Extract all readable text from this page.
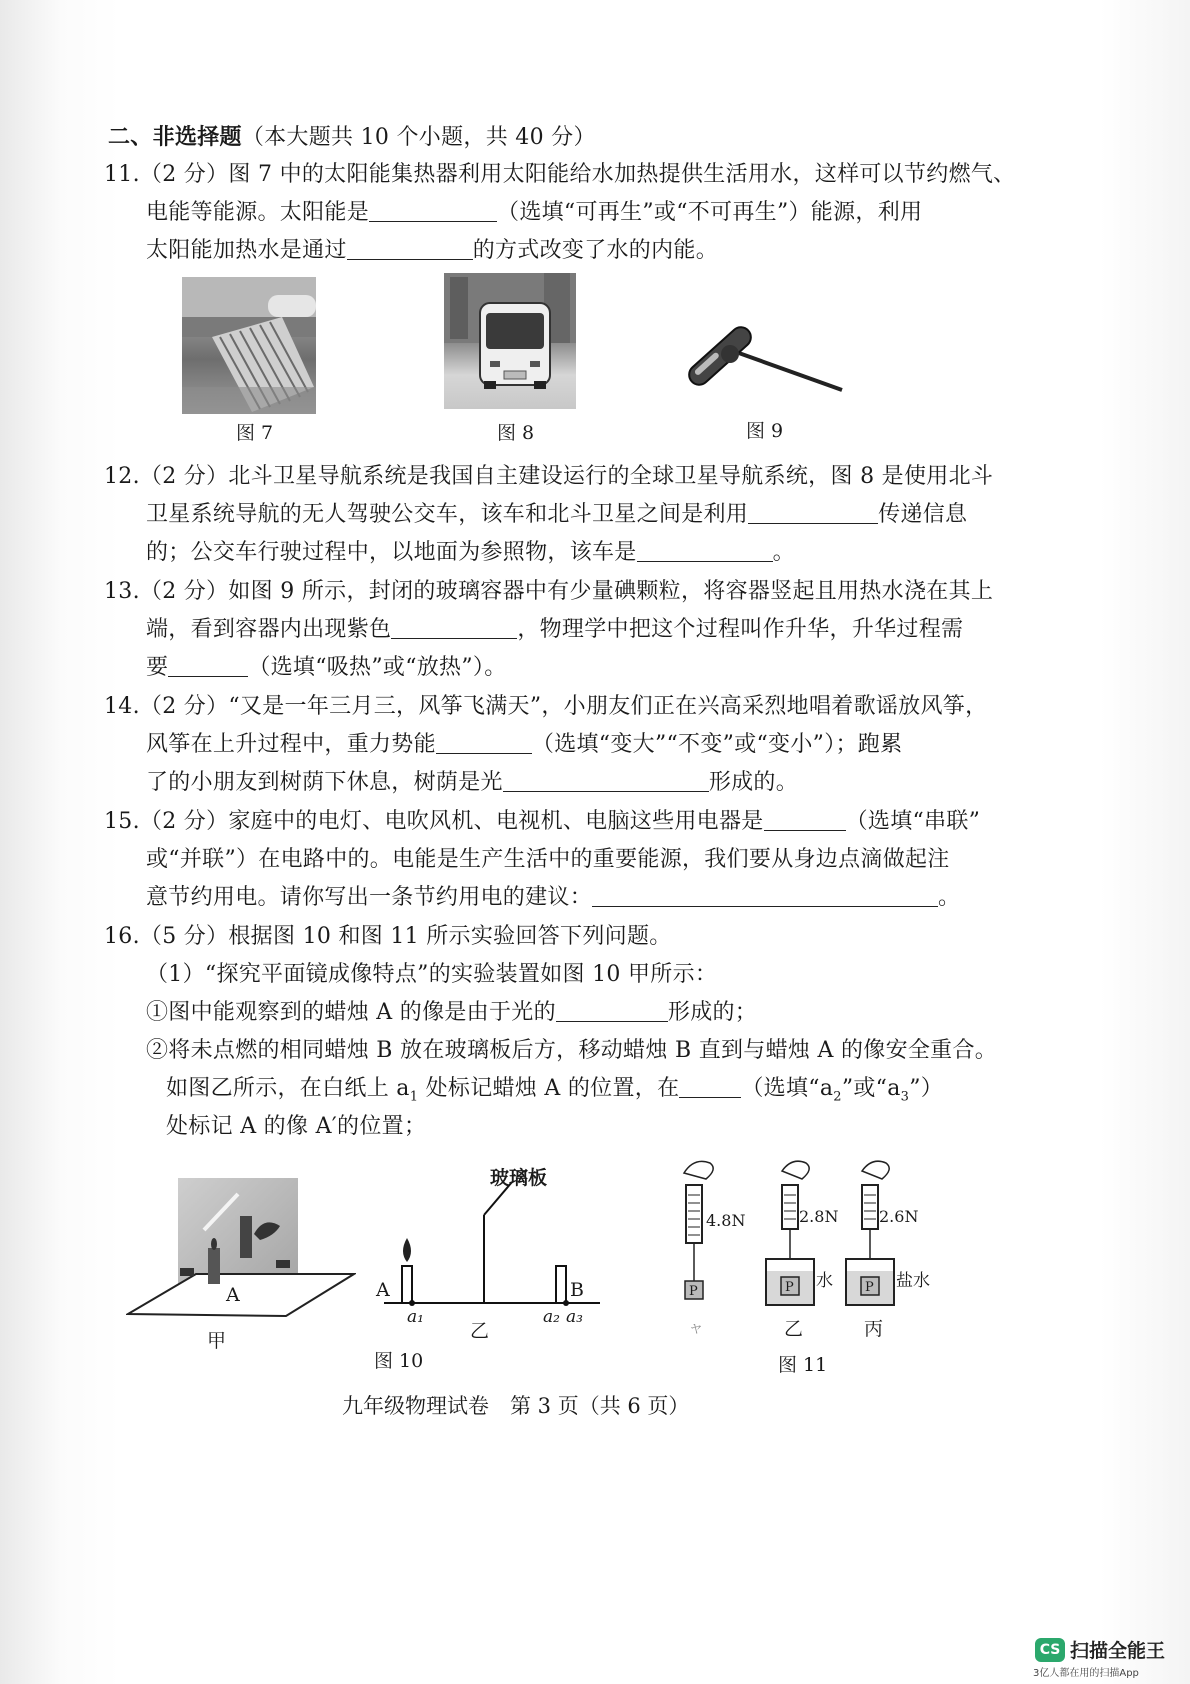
二、非选择题（本大题共 10 个小题，共 40 分）
11.（2 分）图 7 中的太阳能集热器利用太阳能给水加热提供生活用水，这样可以节约燃气、
电能等能源。太阳能是	（选填“可再生”或“不可再生”）能源，利用
太阳能加热水是通过	的方式改变了水的内能。
图 7	图 8	图 9
12.（2 分）北斗卫星导航系统是我国自主建设运行的全球卫星导航系统，图 8 是使用北斗
卫星系统导航的无人驾驶公交车，该车和北斗卫星之间是利用	传递信息
的；公交车行驶过程中，以地面为参照物，该车是	。
13.（2 分）如图 9 所示，封闭的玻璃容器中有少量碘颗粒，将容器竖起且用热水浇在其上
端，看到容器内出现紫色	，物理学中把这个过程叫作升华，升华过程需
要	（选填“吸热”或“放热”）。
14.（2 分）“又是一年三月三，风筝飞满天”，小朋友们正在兴高采烈地唱着歌谣放风筝，
风筝在上升过程中，重力势能	（选填“变大”“不变”或“变小”）；跑累
了的小朋友到树荫下休息，树荫是光	形成的。
15.（2 分）家庭中的电灯、电吹风机、电视机、电脑这些用电器是	（选填“串联”
或“并联”）在电路中的。电能是生产生活中的重要能源，我们要从身边点滴做起注
意节约用电。请你写出一条节约用电的建议：	。
16.（5 分）根据图 10 和图 11 所示实验回答下列问题。
（1）“探究平面镜成像特点”的实验装置如图 10 甲所示：
①图中能观察到的蜡烛 A 的像是由于光的	形成的；
②将未点燃的相同蜡烛 B 放在玻璃板后方，移动蜡烛 B 直到与蜡烛 A 的像安全重合。
如图乙所示，在白纸上 $a_1$ 处标记蜡烛 A 的位置，在	（选填“$a_2$”或“$a_3$”）
处标记 A 的像 A′的位置；
A
甲
玻璃板
A	B
a₁	a₂ a₃
乙
图 10
4.8N	2.8N	2.6N
P	P	P
水	盐水
ヤ	乙	丙
图 11
九年级物理试卷　第 3 页（共 6 页）
CS 扫描全能王
3亿人都在用的扫描App
